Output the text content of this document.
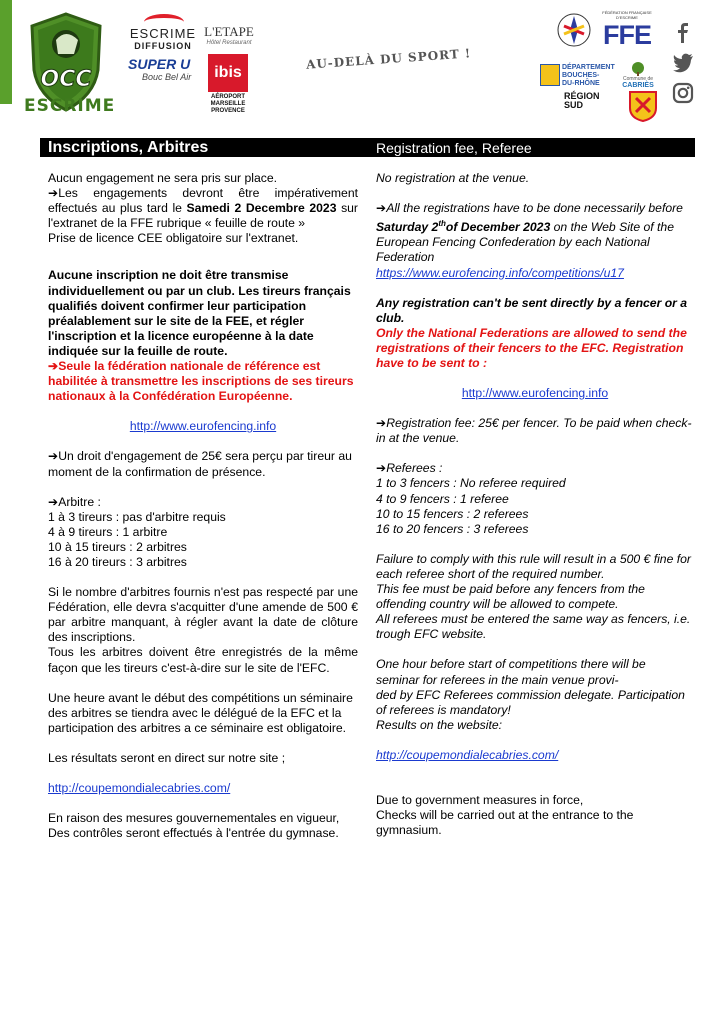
OCC
ESCRIME
ESCRIME
DIFFUSION
SUPER U
Bouc Bel Air
L'ETAPE
Hôtel Restaurant
ibis
AÉROPORT
MARSEILLE
PROVENCE
AU-DELÀ DU SPORT !
FÉDÉRATION FRANÇAISE D'ESCRIME
FFE
DÉPARTEMENT
BOUCHES-
DU-RHÔNE
Commune de
CABRIÈS
RÉGION
SUD
Inscriptions, Arbitres	Registration fee, Referee

Aucun engagement ne sera pris sur place.

➔Les engagements devront être impérativement effectués au plus tard le Samedi 2 Decembre 2023 sur l'extranet de la FFE rubrique « feuille de route »

Prise de licence CEE obligatoire sur l'extranet.

Aucune inscription ne doit être transmise individuellement ou par un club. Les tireurs français qualifiés doivent confirmer leur participation préalablement sur le site de la FEE, et régler l'inscription et la licence européenne à la date indiquée sur la feuille de route.

➔Seule la fédération nationale de référence est habilitée à transmettre les inscriptions de ses tireurs nationaux à la Confédération Européenne.

http://www.eurofencing.info

➔Un droit d'engagement de 25€ sera perçu par tireur au moment de la confirmation de présence.

➔Arbitre :

1 à 3 tireurs : pas d'arbitre requis

4 à 9 tireurs : 1 arbitre

10 à 15 tireurs : 2 arbitres

16 à 20 tireurs : 3 arbitres

Si le nombre d'arbitres fournis n'est pas respecté par une Fédération, elle devra s'acquitter d'une amende de 500 € par arbitre manquant, à régler avant la date de clôture des inscriptions.

Tous les arbitres doivent être enregistrés de la même façon que les tireurs c'est-à-dire sur le site de l'EFC.

Une heure avant le début des compétitions un séminaire des arbitres se tiendra avec le délégué de la EFC et la participation des arbitres a ce séminaire est obligatoire.

Les résultats seront en direct sur notre site ;

http://coupemondialecabries.com/

En raison des mesures gouvernementales en vigueur, Des contrôles seront effectués à l'entrée du gymnase.

No registration at the venue.

➔All the registrations have to be done necessarily before Saturday 2thof December 2023 on the Web Site of the European Fencing Confederation by each National Federation

https://www.eurofencing.info/competitions/u17

Any registration can't be sent directly by a fencer or a club.

Only the National Federations are allowed to send the registrations of their fencers to the EFC. Registration have to be sent to :

http://www.eurofencing.info

➔Registration fee: 25€ per fencer. To be paid when check-in at the venue.

➔Referees :

1 to 3 fencers : No referee required

4 to 9 fencers : 1 referee

10 to 15 fencers : 2 referees

16 to 20 fencers : 3 referees

Failure to comply with this rule will result in a 500 € fine for each referee short of the required number.

This fee must be paid before any fencers from the offending country will be allowed to compete.

All referees must be entered the same way as fencers, i.e. trough EFC website.

One hour before start of competitions there will be

seminar for referees in the main venue provi-

ded by EFC Referees commission delegate. Participation of referees is mandatory!

Results on the website:

http://coupemondialecabries.com/

Due to government measures in force,

Checks will be carried out at the entrance to the gymnasium.
